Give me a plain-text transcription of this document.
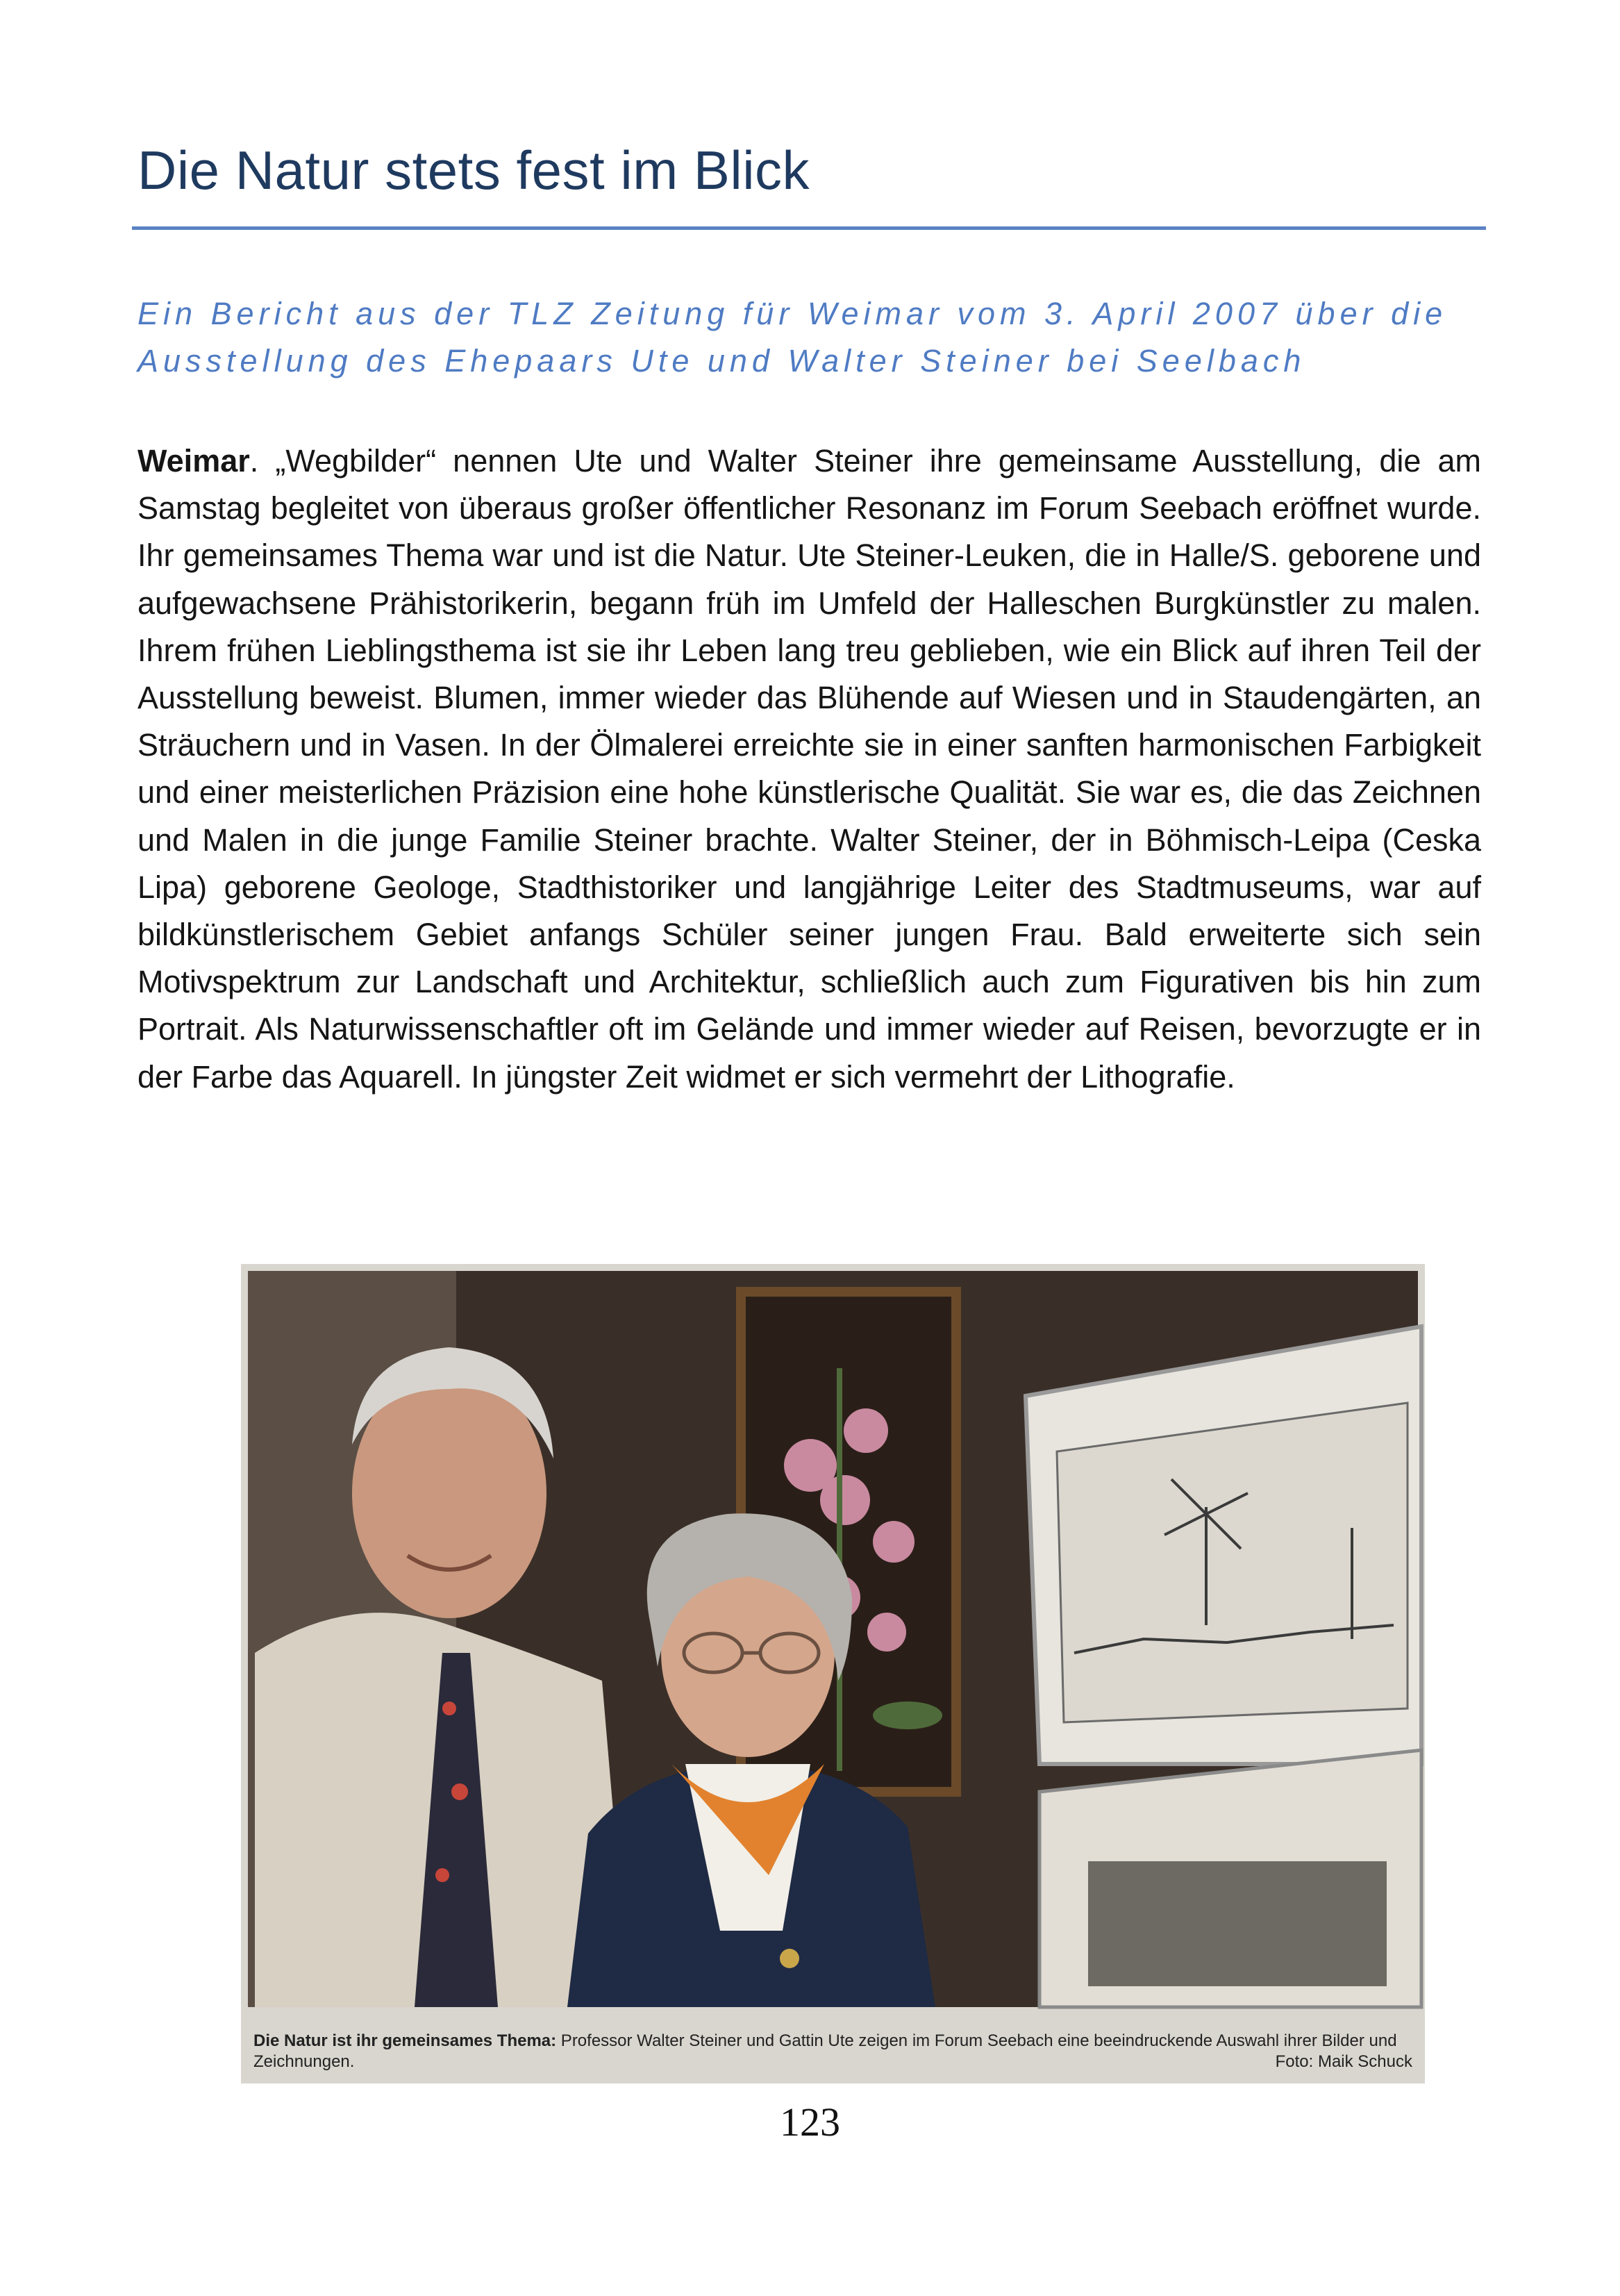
Die Natur stets fest im Blick

Ein Bericht aus der TLZ Zeitung für Weimar vom 3. April 2007 über die
Ausstellung des Ehepaars Ute und Walter Steiner bei Seelbach

Weimar. „Wegbilder“ nennen Ute und Walter Steiner ihre gemeinsame Ausstellung, die am Samstag begleitet von überaus großer öffentlicher Resonanz im Forum Seebach eröffnet wurde. Ihr gemeinsames Thema war und ist die Natur. Ute Steiner-Leuken, die in Halle/S. geborene und aufgewachsene Prähistorikerin, begann früh im Umfeld der Halleschen Burgkünstler zu malen. Ihrem frühen Lieblingsthema ist sie ihr Leben lang treu geblieben, wie ein Blick auf ihren Teil der Ausstellung beweist. Blumen, immer wieder das Blühende auf Wiesen und in Staudengärten, an Sträuchern und in Vasen. In der Ölmalerei erreichte sie in einer sanften harmonischen Farbigkeit und einer meisterlichen Präzision eine hohe künstlerische Qualität. Sie war es, die das Zeichnen und Malen in die junge Familie Steiner brachte. Walter Steiner, der in Böhmisch-Leipa (Ceska Lipa) geborene Geologe, Stadthistoriker und langjährige Leiter des Stadtmuseums, war auf bildkünstlerischem Gebiet anfangs Schüler seiner jungen Frau. Bald erweiterte sich sein Motivspektrum zur Landschaft und Architektur, schließlich auch zum Figurativen bis hin zum Portrait. Als Naturwissenschaftler oft im Gelände und immer wieder auf Reisen, bevorzugte er in der Farbe das Aquarell. In jüngster Zeit widmet er sich vermehrt der Lithografie.

Die Natur ist ihr gemeinsames Thema: Professor Walter Steiner und Gattin Ute zeigen im Forum Seebach eine beeindruckende Auswahl ihrer Bilder und Zeichnungen.	Foto: Maik Schuck
123
